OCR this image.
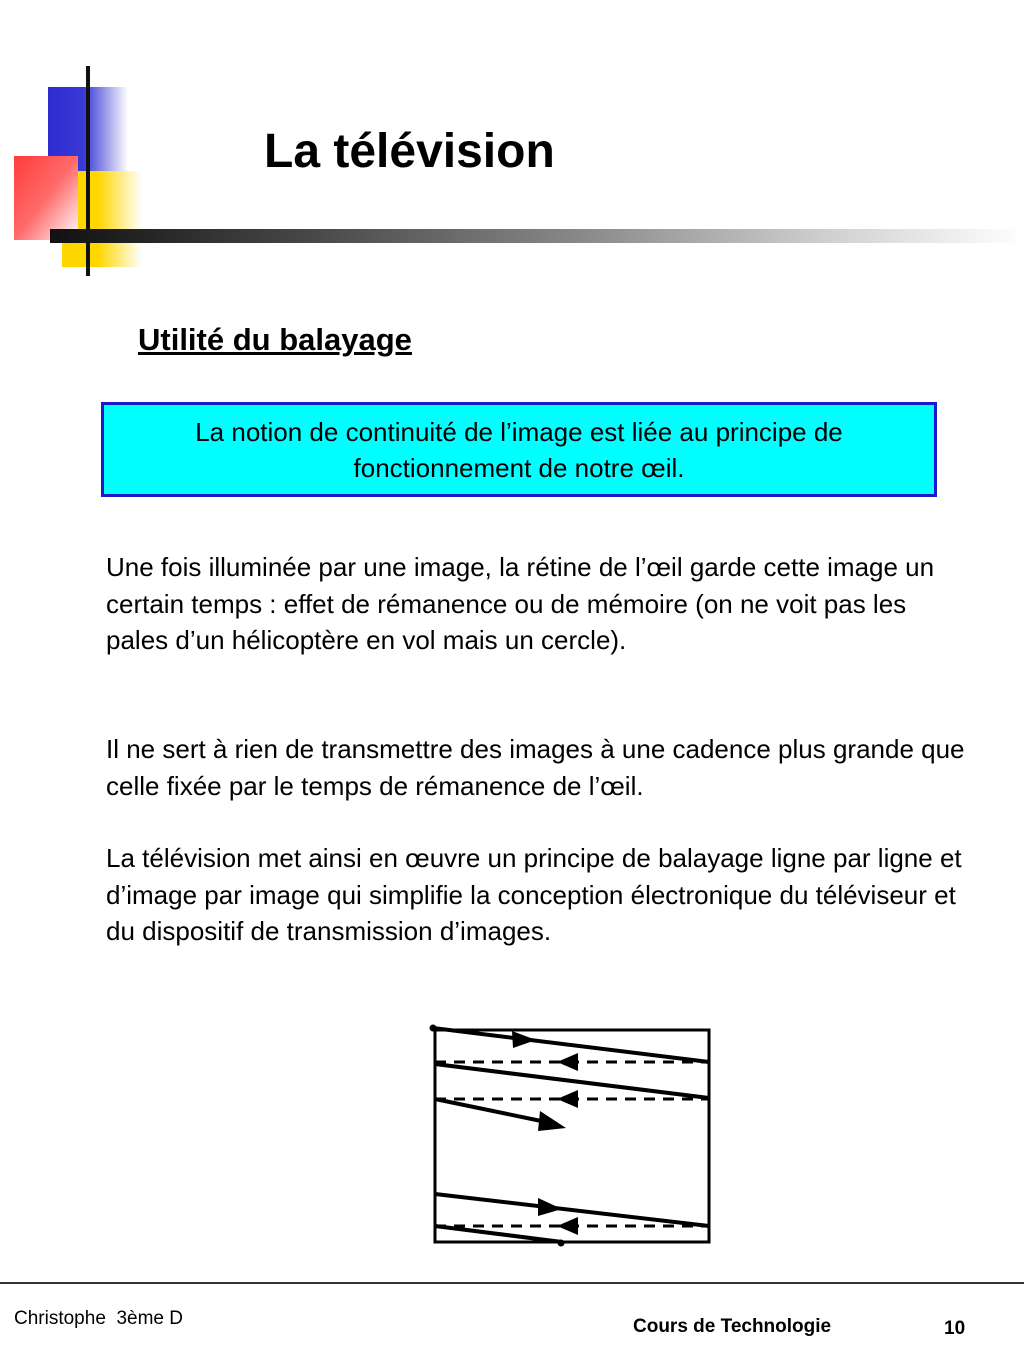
La télévision
Utilité du balayage
La notion de continuité de l’image est liée au principe de fonctionnement de notre œil.

Une fois illuminée par une image, la rétine de l’œil garde cette image un certain temps : effet de rémanence ou de mémoire (on ne voit pas les pales d’un hélicoptère en vol mais un cercle).

Il ne sert à rien de transmettre des images à une cadence plus grande que celle fixée par le temps de rémanence de l’œil.

La télévision met ainsi en œuvre un principe de balayage ligne par ligne et d’image par image qui simplifie la conception électronique du téléviseur et du dispositif de transmission d’images.

Christophe  3ème D	Cours de Technologie	10
